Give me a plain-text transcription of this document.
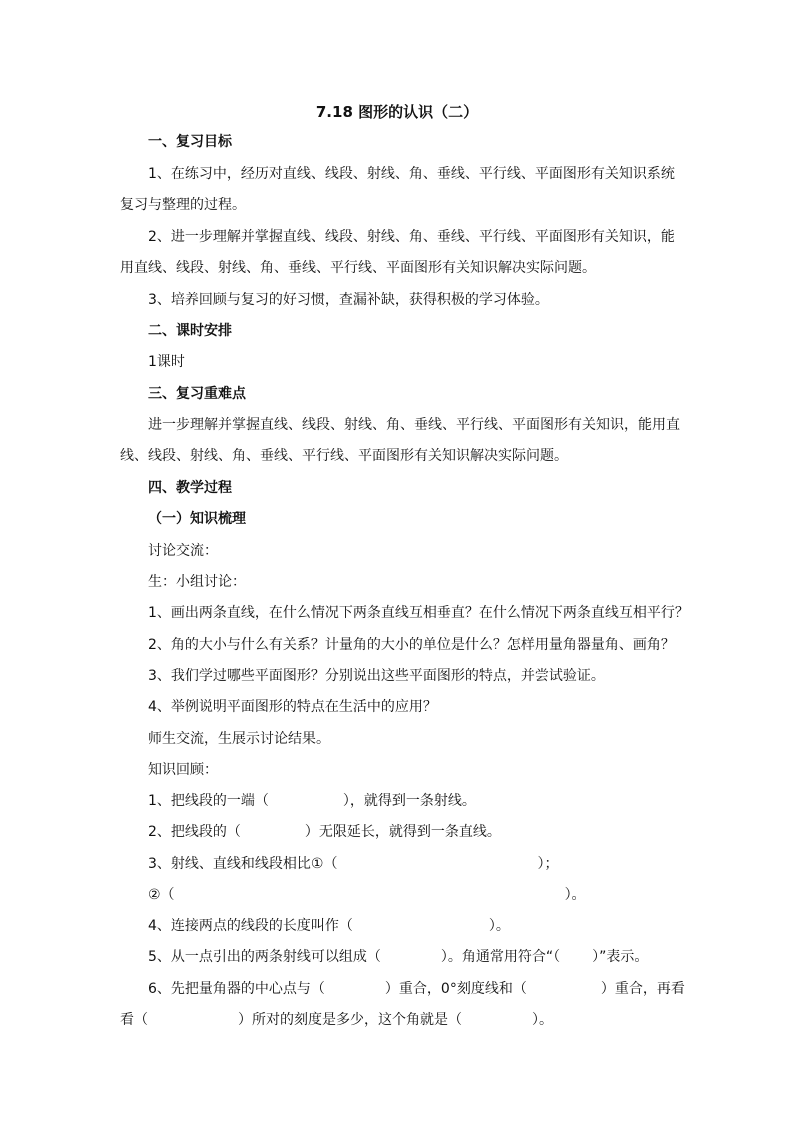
7.18 图形的认识（二）
一、复习目标
1、在练习中，经历对直线、线段、射线、角、垂线、平行线、平面图形有关知识系统
复习与整理的过程。
2、进一步理解并掌握直线、线段、射线、角、垂线、平行线、平面图形有关知识，能
用直线、线段、射线、角、垂线、平行线、平面图形有关知识解决实际问题。
3、培养回顾与复习的好习惯，查漏补缺，获得积极的学习体验。
二、课时安排
1课时
三、复习重难点
进一步理解并掌握直线、线段、射线、角、垂线、平行线、平面图形有关知识，能用直
线、线段、射线、角、垂线、平行线、平面图形有关知识解决实际问题。
四、教学过程
（一）知识梳理
讨论交流：
生：小组讨论：
1、画出两条直线，在什么情况下两条直线互相垂直？在什么情况下两条直线互相平行？
2、角的大小与什么有关系？计量角的大小的单位是什么？怎样用量角器量角、画角？
3、我们学过哪些平面图形？分别说出这些平面图形的特点，并尝试验证。
4、举例说明平面图形的特点在生活中的应用？
师生交流，生展示讨论结果。
知识回顾：
1、把线段的一端（	），就得到一条射线。
2、把线段的（	）无限延长，就得到一条直线。
3、射线、直线和线段相比①（	）；
②（	）。
4、连接两点的线段的长度叫作（	）。
5、从一点引出的两条射线可以组成（	）。角通常用符合“（ ）”表示。
6、先把量角器的中心点与（	）重合，0°刻度线和（	）重合，再看
看（	）所对的刻度是多少，这个角就是（	）。
